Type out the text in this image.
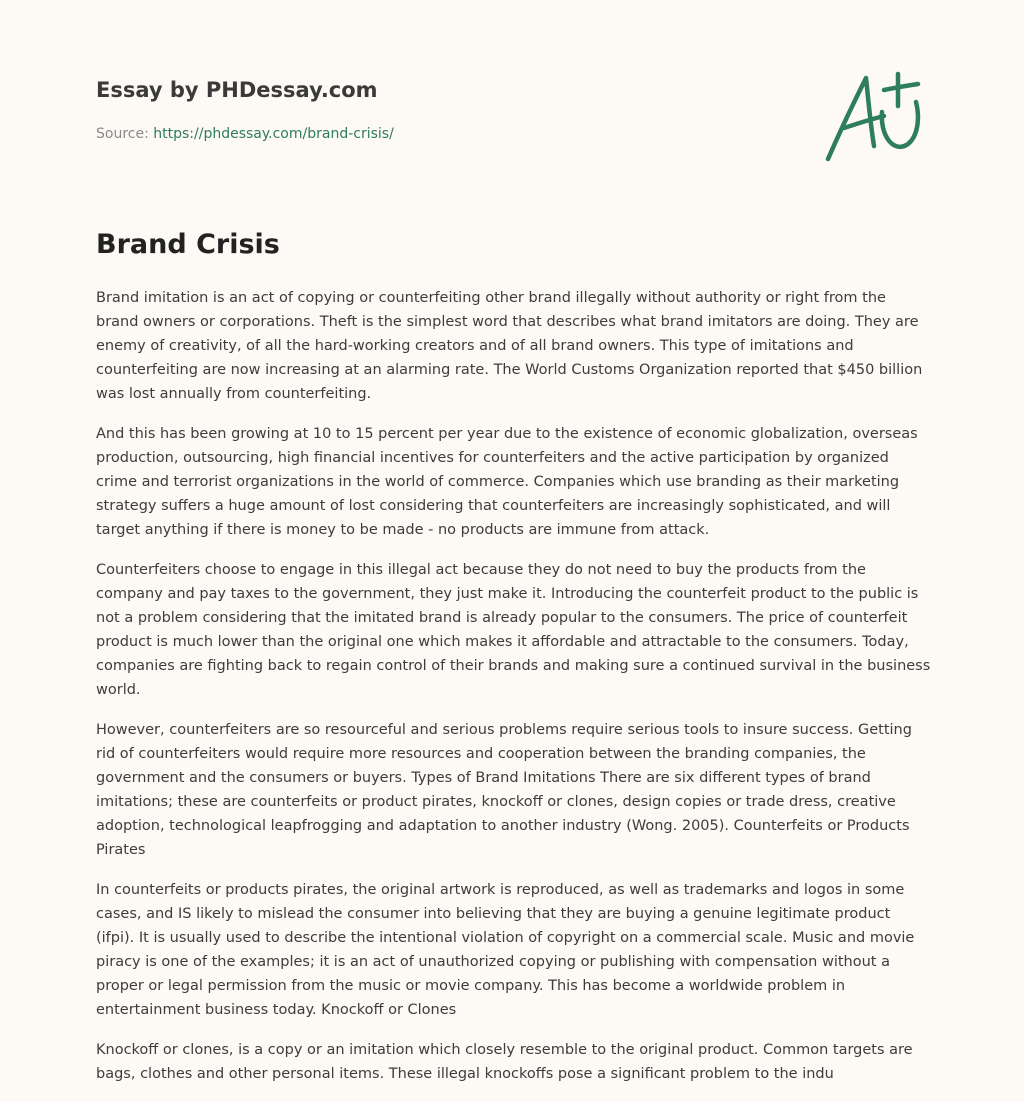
Essay by PHDessay.com
Source: https://phdessay.com/brand-crisis/
Brand Crisis

Brand imitation is an act of copying or counterfeiting other brand illegally without authority or right from the brand owners or corporations. Theft is the simplest word that describes what brand imitators are doing. They are enemy of creativity, of all the hard-working creators and of all brand owners. This type of imitations and counterfeiting are now increasing at an alarming rate. The World Customs Organization reported that $450 billion was lost annually from counterfeiting.

And this has been growing at 10 to 15 percent per year due to the existence of economic globalization, overseas production, outsourcing, high financial incentives for counterfeiters and the active participation by organized crime and terrorist organizations in the world of commerce. Companies which use branding as their marketing strategy suffers a huge amount of lost considering that counterfeiters are increasingly sophisticated, and will target anything if there is money to be made - no products are immune from attack.

Counterfeiters choose to engage in this illegal act because they do not need to buy the products from the company and pay taxes to the government, they just make it. Introducing the counterfeit product to the public is not a problem considering that the imitated brand is already popular to the consumers. The price of counterfeit product is much lower than the original one which makes it affordable and attractable to the consumers. Today, companies are fighting back to regain control of their brands and making sure a continued survival in the business world.

However, counterfeiters are so resourceful and serious problems require serious tools to insure success. Getting rid of counterfeiters would require more resources and cooperation between the branding companies, the government and the consumers or buyers. Types of Brand Imitations There are six different types of brand imitations; these are counterfeits or product pirates, knockoff or clones, design copies or trade dress, creative adoption, technological leapfrogging and adaptation to another industry (Wong. 2005). Counterfeits or Products Pirates

In counterfeits or products pirates, the original artwork is reproduced, as well as trademarks and logos in some cases, and IS likely to mislead the consumer into believing that they are buying a genuine legitimate product (ifpi). It is usually used to describe the intentional violation of copyright on a commercial scale. Music and movie piracy is one of the examples; it is an act of unauthorized copying or publishing with compensation without a proper or legal permission from the music or movie company. This has become a worldwide problem in entertainment business today. Knockoff or Clones

Knockoff or clones, is a copy or an imitation which closely resemble to the original product. Common targets are bags, clothes and other personal items. These illegal knockoffs pose a significant problem to the indu
